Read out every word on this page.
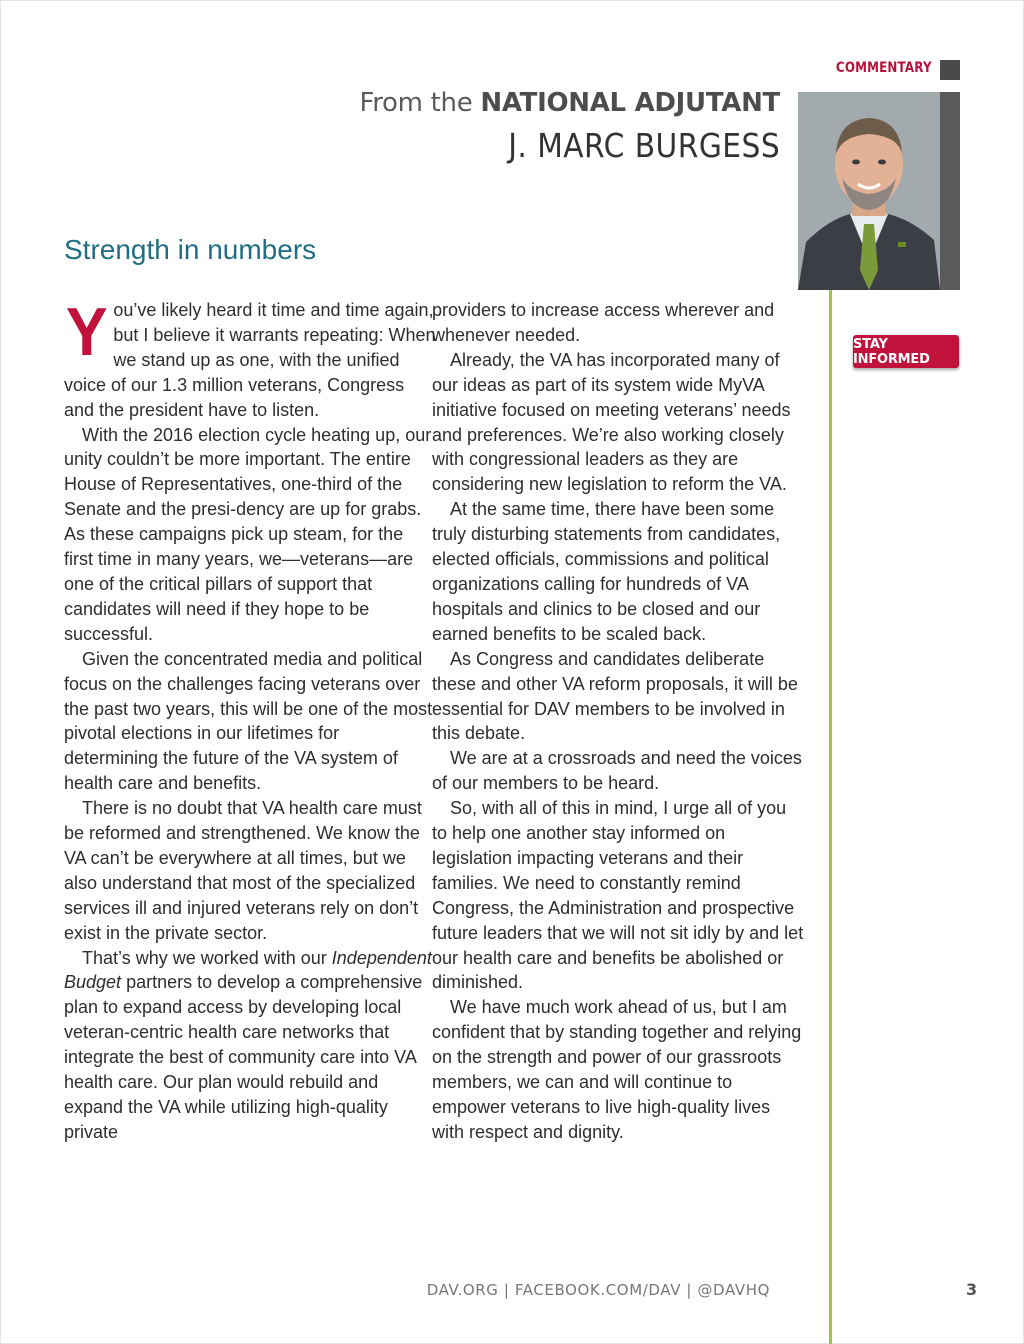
COMMENTARY
From the NATIONAL ADJUTANT
J. MARC BURGESS
STAY INFORMED
Strength in numbers

You’ve likely heard it time and time again, but I believe it warrants repeating: When we stand up as one, with the unified voice of our 1.3 million veterans, Congress and the president have to listen.

With the 2016 election cycle heating up, our unity couldn’t be more important. The entire House of Representatives, one-third of the Senate and the presi-dency are up for grabs. As these campaigns pick up steam, for the first time in many years, we—veterans—are one of the critical pillars of support that candidates will need if they hope to be successful.

Given the concentrated media and political focus on the challenges facing veterans over the past two years, this will be one of the most pivotal elections in our lifetimes for determining the future of the VA system of health care and benefits.

There is no doubt that VA health care must be reformed and strengthened. We know the VA can’t be everywhere at all times, but we also understand that most of the specialized services ill and injured veterans rely on don’t exist in the private sector.

That’s why we worked with our Independent Budget partners to develop a comprehensive plan to expand access by developing local veteran-centric health care networks that integrate the best of community care into VA health care. Our plan would rebuild and expand the VA while utilizing high-quality private

providers to increase access wherever and whenever needed.

Already, the VA has incorporated many of our ideas as part of its system wide MyVA initiative focused on meeting veterans’ needs and preferences. We’re also working closely with congressional leaders as they are considering new legislation to reform the VA.

At the same time, there have been some truly disturbing statements from candidates, elected officials, commissions and political organizations calling for hundreds of VA hospitals and clinics to be closed and our earned benefits to be scaled back.

As Congress and candidates deliberate these and other VA reform proposals, it will be essential for DAV members to be involved in this debate.

We are at a crossroads and need the voices of our members to be heard.

So, with all of this in mind, I urge all of you to help one another stay informed on legislation impacting veterans and their families. We need to constantly remind Congress, the Administration and prospective future leaders that we will not sit idly by and let our health care and benefits be abolished or diminished.

We have much work ahead of us, but I am confident that by standing together and relying on the strength and power of our grassroots members, we can and will continue to empower veterans to live high-quality lives with respect and dignity.

DAV.ORG | FACEBOOK.COM/DAV | @DAVHQ	3
